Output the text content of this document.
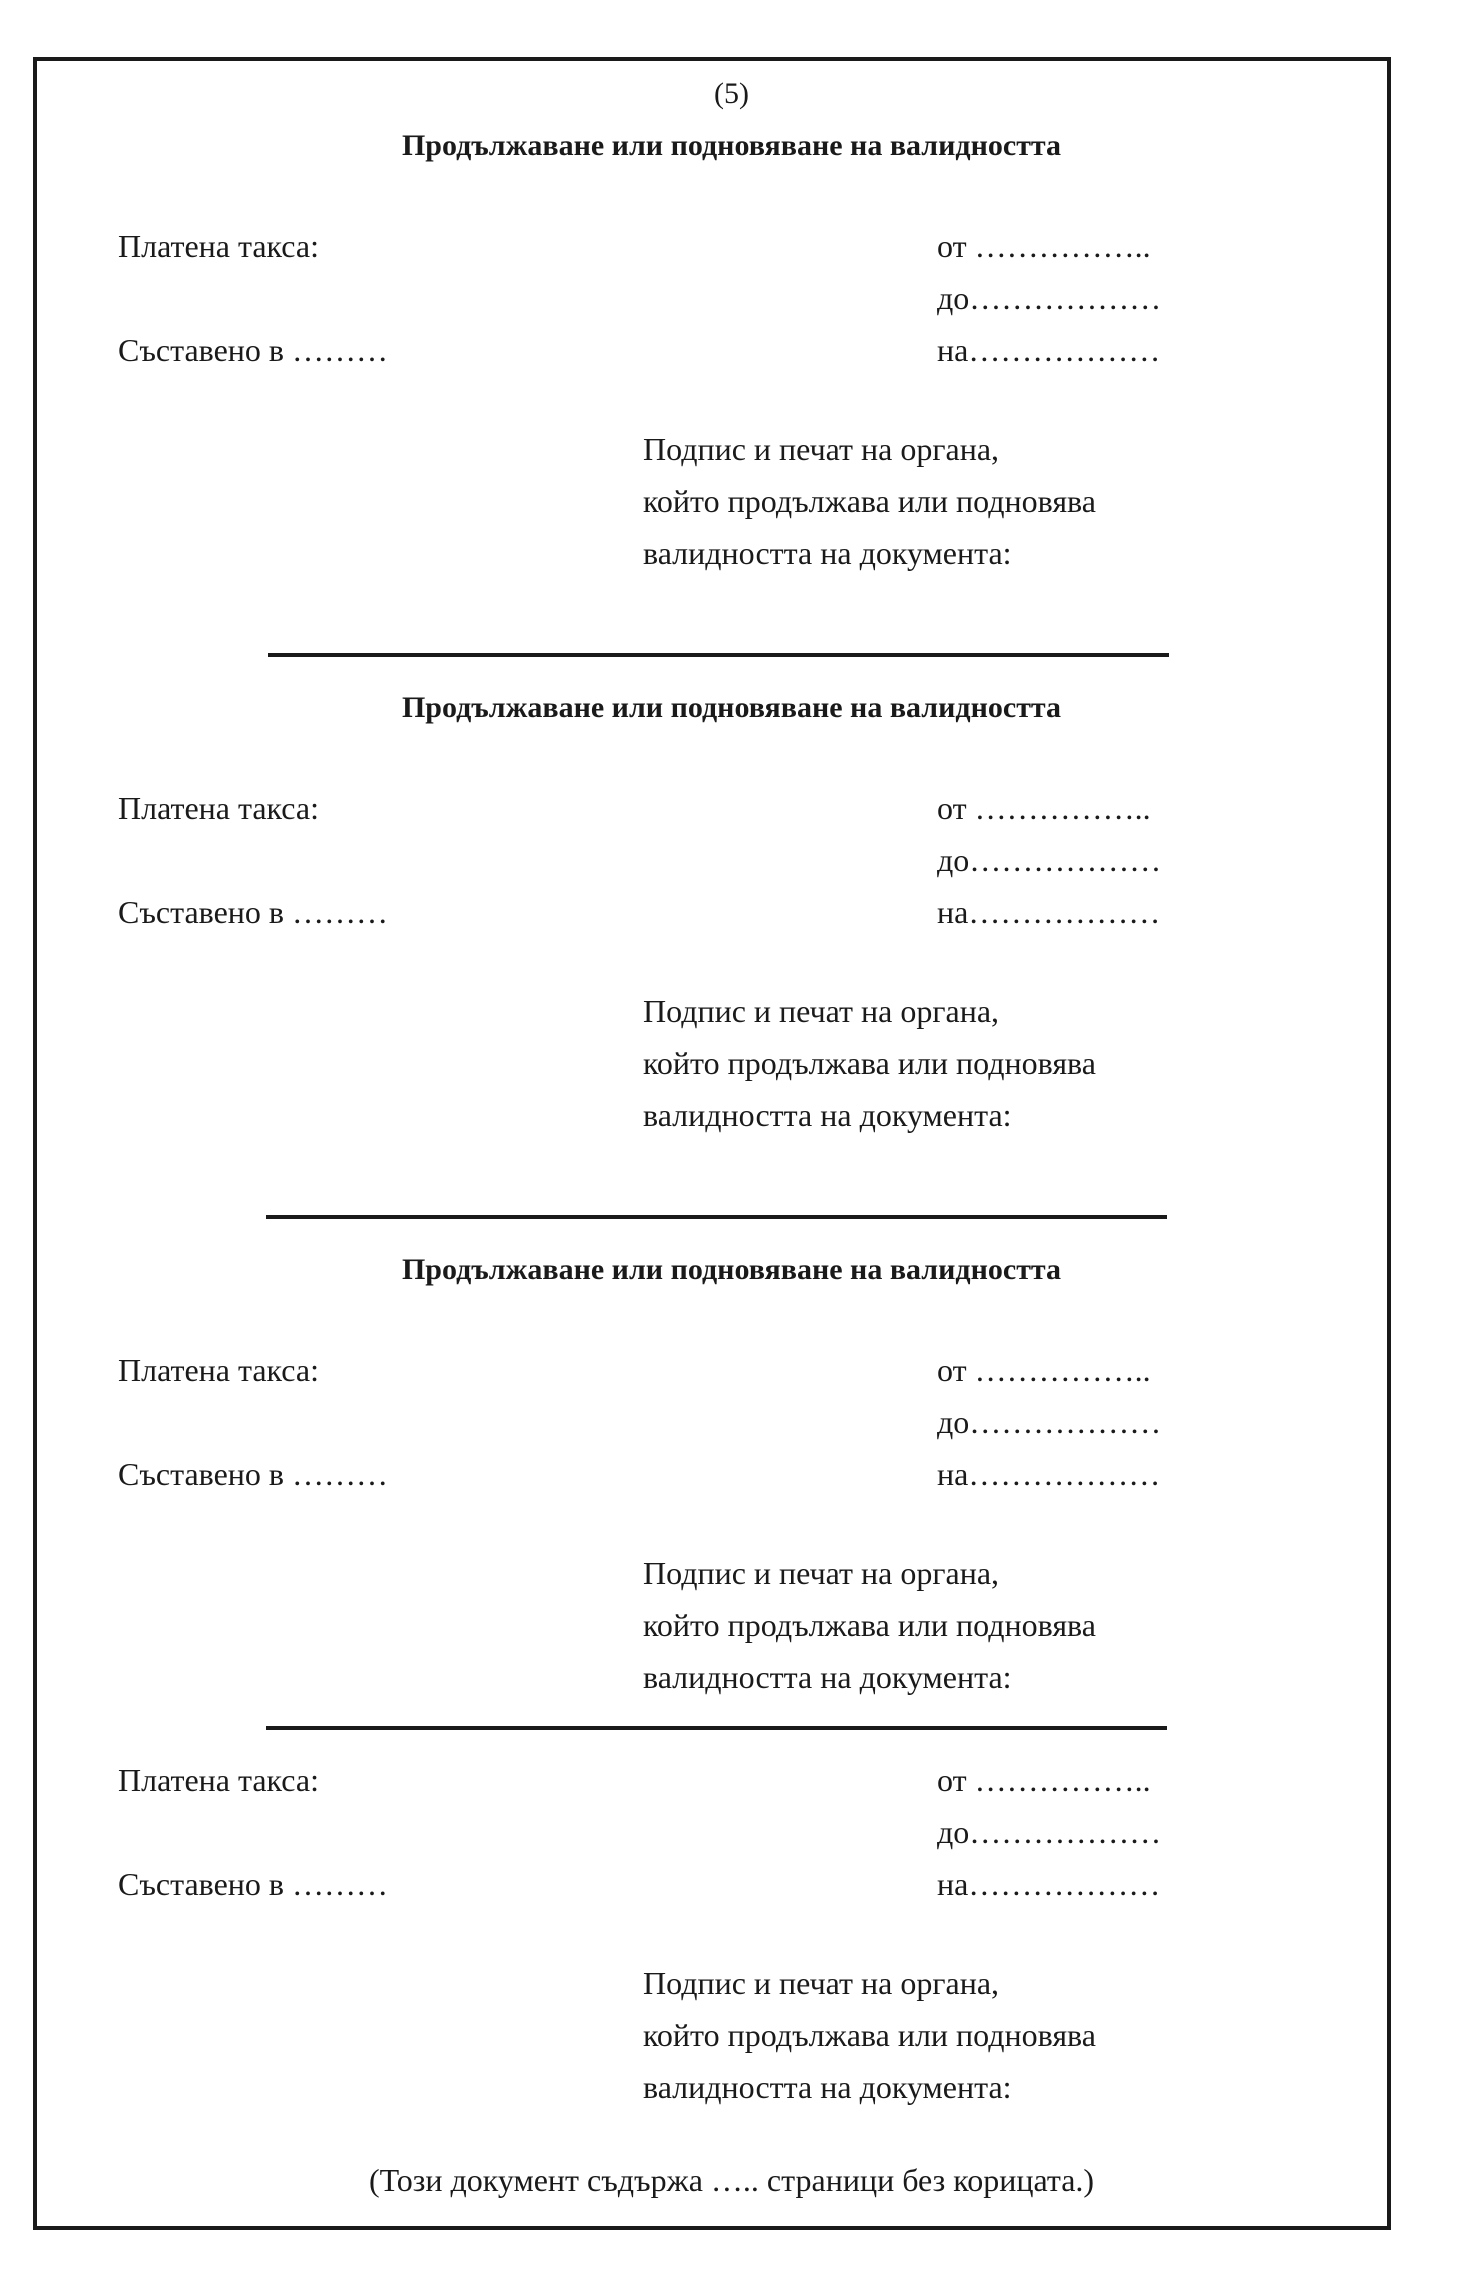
(5)
Продължаване или подновяване на валидността
Платена такса:	от ……………..
до………………
Съставено в ………	на………………
Подпис и печат на органа,
който продължава или подновява
валидността на документа:
Продължаване или подновяване на валидността
Платена такса:	от ……………..
до………………
Съставено в ………	на………………
Подпис и печат на органа,
който продължава или подновява
валидността на документа:
Продължаване или подновяване на валидността
Платена такса:	от ……………..
до………………
Съставено в ………	на………………
Подпис и печат на органа,
който продължава или подновява
валидността на документа:
Платена такса:	от ……………..
до………………
Съставено в ………	на………………
Подпис и печат на органа,
който продължава или подновява
валидността на документа:
(Този документ съдържа ….. страници без корицата.)
